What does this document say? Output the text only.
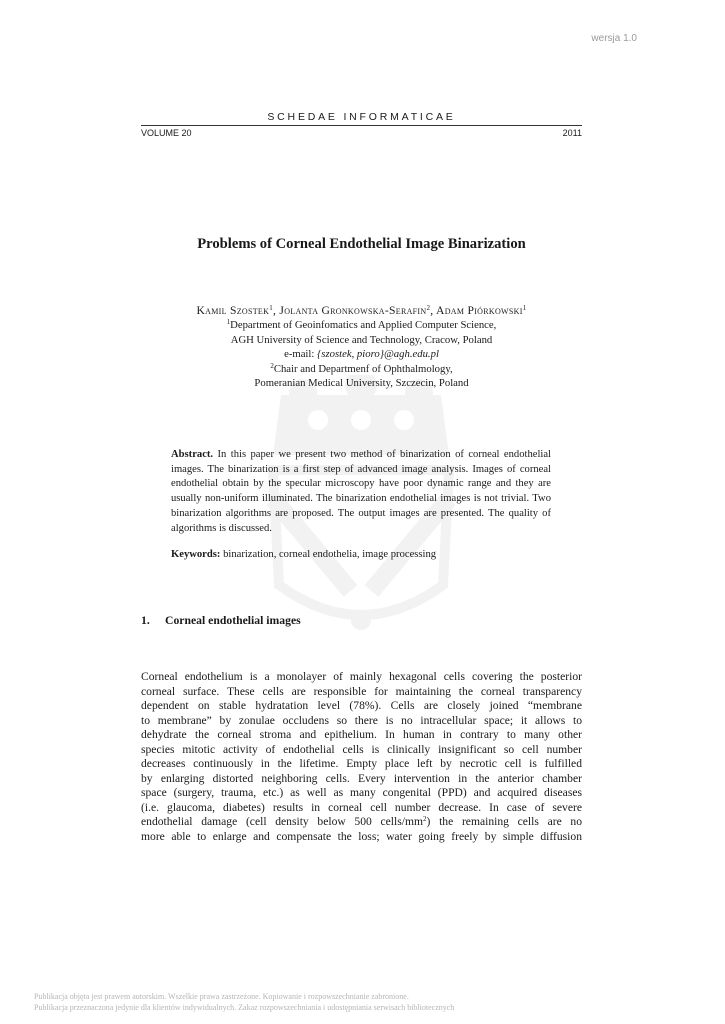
wersja 1.0
SCHEDAE INFORMATICAE
VOLUME 20	2011
Problems of Corneal Endothelial Image Binarization
Kamil Szostek$^1$, Jolanta Gronkowska-Serafin$^2$, Adam Piórkowski$^1$
$^1$Department of Geoinfomatics and Applied Computer Science,
AGH University of Science and Technology, Cracow, Poland
e-mail: {szostek, pioro}@agh.edu.pl
$^2$Chair and Departmenf of Ophthalmology,
Pomeranian Medical University, Szczecin, Poland
Abstract. In this paper we present two method of binarization of corneal endothelial images. The binarization is a first step of advanced image analysis. Images of corneal endothelial obtain by the specular microscopy have poor dynamic range and they are usually non-uniform illuminated. The binarization endothelial images is not trivial. Two binarization algorithms are proposed. The output images are presented. The quality of algorithms is discussed.
Keywords: binarization, corneal endothelia, image processing
1. Corneal endothelial images
Corneal endothelium is a monolayer of mainly hexagonal cells covering the posterior
corneal surface. These cells are responsible for maintaining the corneal transparency
dependent on stable hydratation level (78%). Cells are closely joined “membrane
to membrane” by zonulae occludens so there is no intracellular space; it allows to
dehydrate the corneal stroma and epithelium. In human in contrary to many other
species mitotic activity of endothelial cells is clinically insignificant so cell number
decreases continuously in the lifetime. Empty place left by necrotic cell is fulfilled
by enlarging distorted neighboring cells. Every intervention in the anterior chamber
space (surgery, trauma, etc.) as well as many congenital (PPD) and acquired diseases
(i.e. glaucoma, diabetes) results in corneal cell number decrease. In case of severe
endothelial damage (cell density below 500 cells/$mm^2$) the remaining cells are no
more able to enlarge and compensate the loss; water going freely by simple diffusion
Publikacja objęta jest prawem autorskim. Wszelkie prawa zastrzeżone. Kopiowanie i rozpowszechnianie zabronione.
Publikacja przeznaczona jedynie dla klientów indywidualnych. Zakaz rozpowszechniania i udostępniania serwisach bibliotecznych
